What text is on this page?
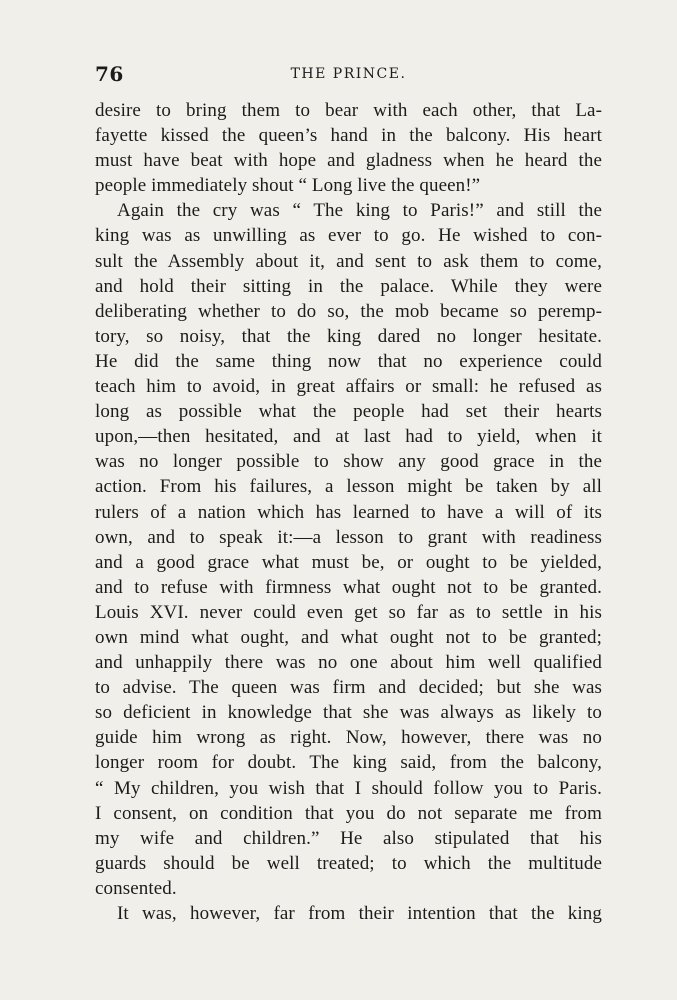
76	THE PRINCE.
desire to bring them to bear with each other, that La-
fayette kissed the queen’s hand in the balcony. His heart
must have beat with hope and gladness when he heard the
people immediately shout “ Long live the queen!”
Again the cry was “ The king to Paris!” and still the
king was as unwilling as ever to go. He wished to con-
sult the Assembly about it, and sent to ask them to come,
and hold their sitting in the palace. While they were
deliberating whether to do so, the mob became so peremp-
tory, so noisy, that the king dared no longer hesitate.
He did the same thing now that no experience could
teach him to avoid, in great affairs or small: he refused as
long as possible what the people had set their hearts
upon,—then hesitated, and at last had to yield, when it
was no longer possible to show any good grace in the
action. From his failures, a lesson might be taken by all
rulers of a nation which has learned to have a will of its
own, and to speak it:—a lesson to grant with readiness
and a good grace what must be, or ought to be yielded,
and to refuse with firmness what ought not to be granted.
Louis XVI. never could even get so far as to settle in his
own mind what ought, and what ought not to be granted;
and unhappily there was no one about him well qualified
to advise. The queen was firm and decided; but she was
so deficient in knowledge that she was always as likely to
guide him wrong as right. Now, however, there was no
longer room for doubt. The king said, from the balcony,
“ My children, you wish that I should follow you to Paris.
I consent, on condition that you do not separate me from
my wife and children.” He also stipulated that his
guards should be well treated; to which the multitude
consented.
It was, however, far from their intention that the king
